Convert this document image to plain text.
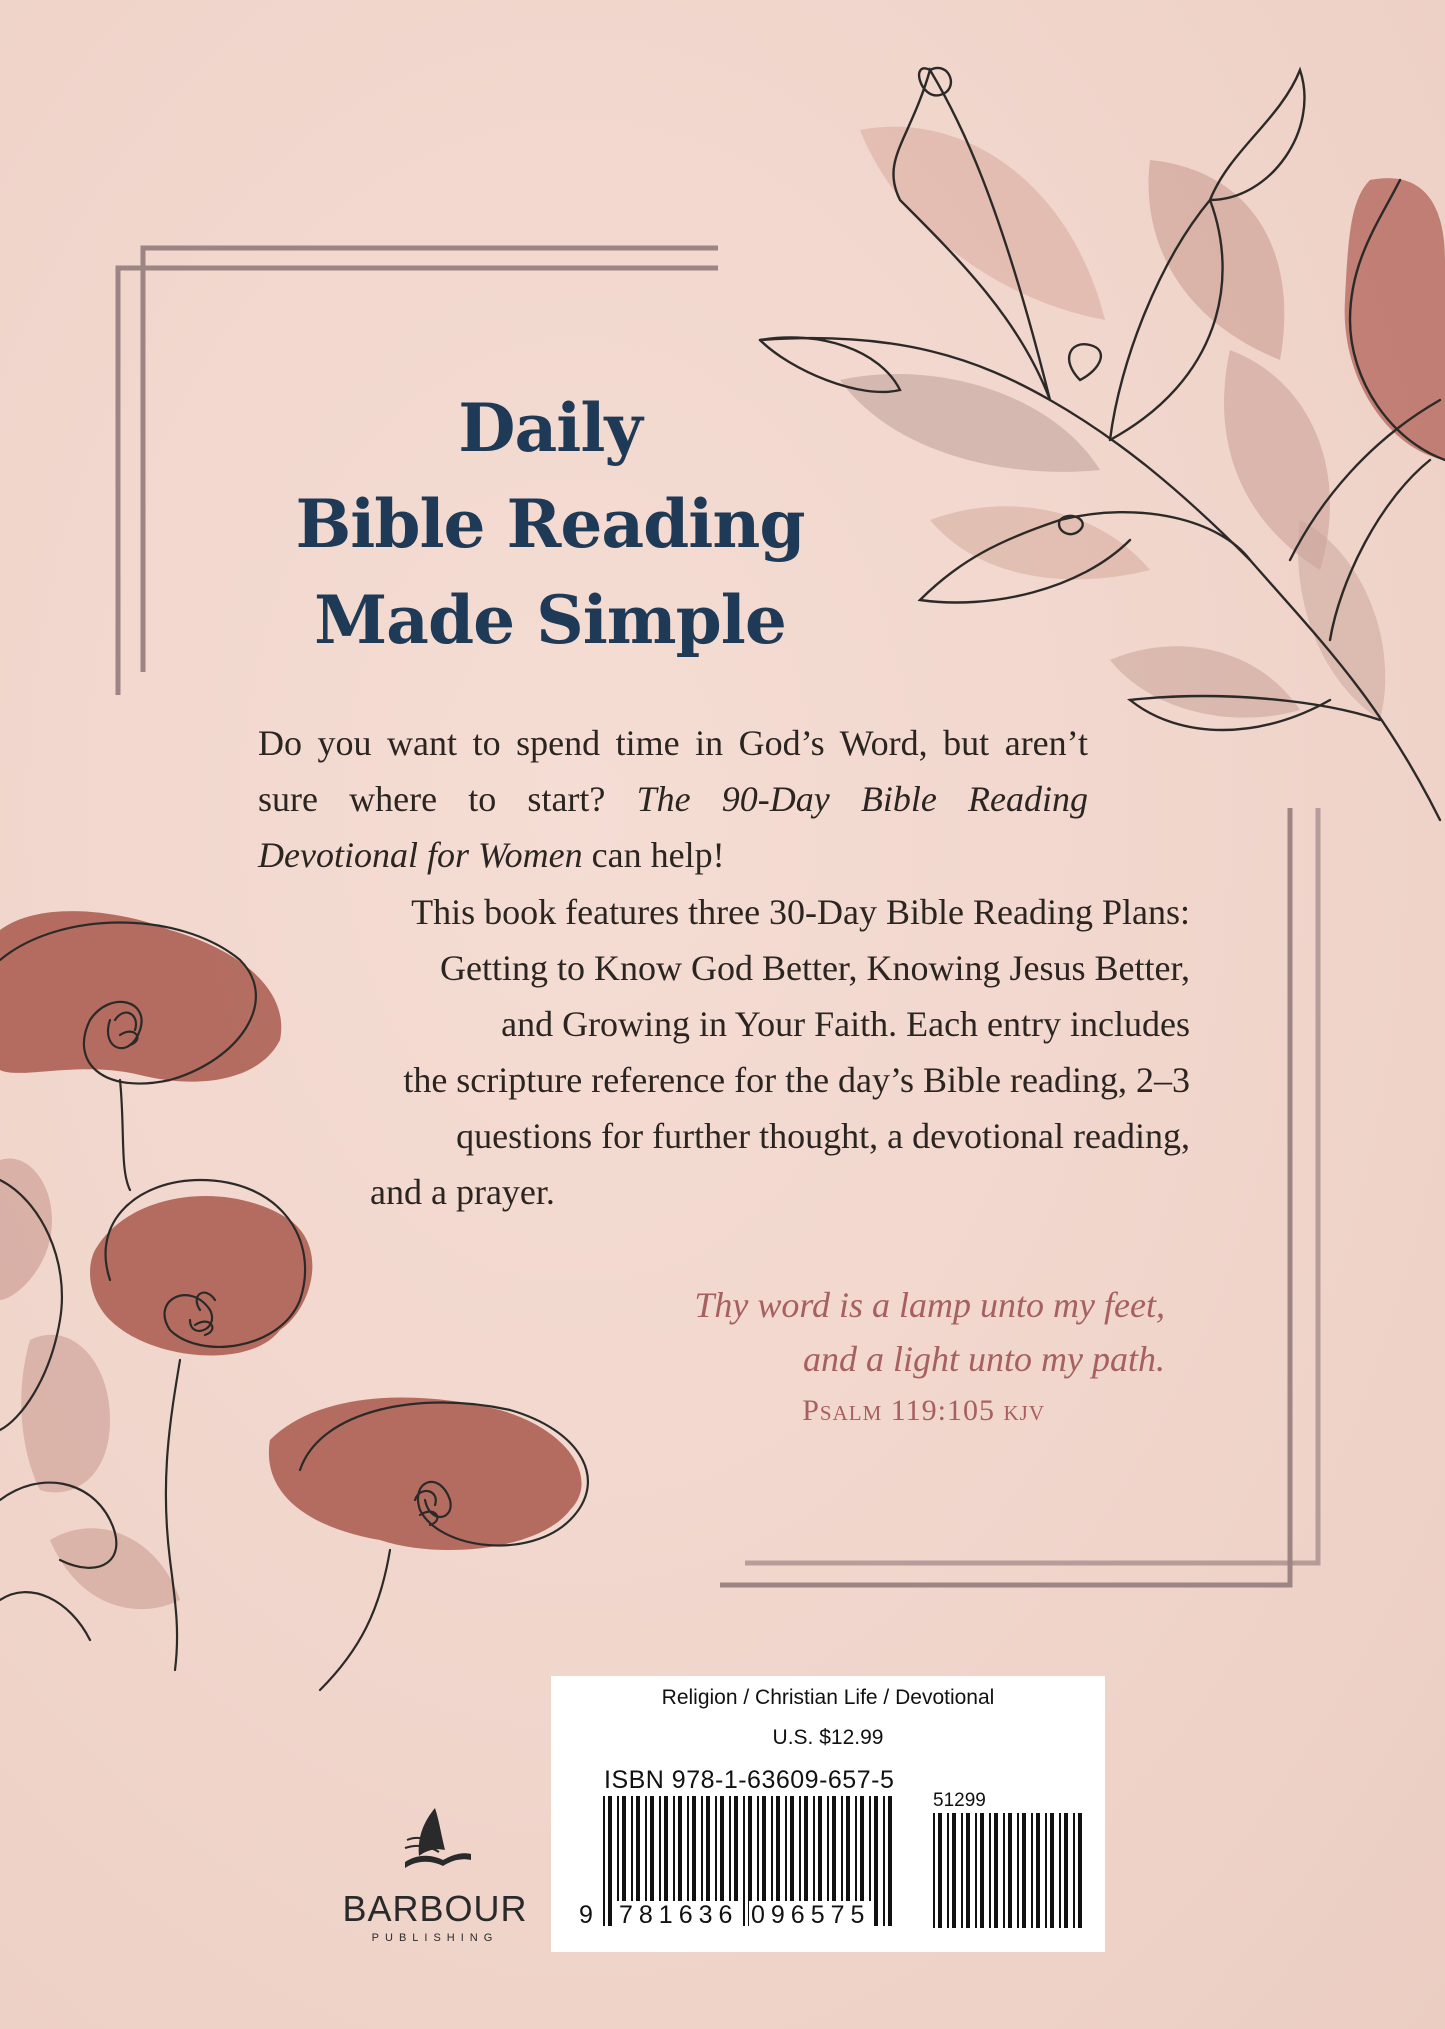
Daily
Bible Reading
Made Simple
Do you want to spend time in God’s Word, but aren’t sure where to start? The 90-Day Bible Reading Devotional for Women can help!
This book features three 30-Day Bible Reading Plans:
Getting to Know God Better, Knowing Jesus Better,
and Growing in Your Faith. Each entry includes
the scripture reference for the day’s Bible reading, 2–3
questions for further thought, a devotional reading,
and a prayer.
Thy word is a lamp unto my feet,
and a light unto my path.
Psalm 119:105 kjv
Religion / Christian Life / Devotional
U.S. $12.99
ISBN 978-1-63609-657-5
51299
9 781636 096575
BARBOUR
PUBLISHING
